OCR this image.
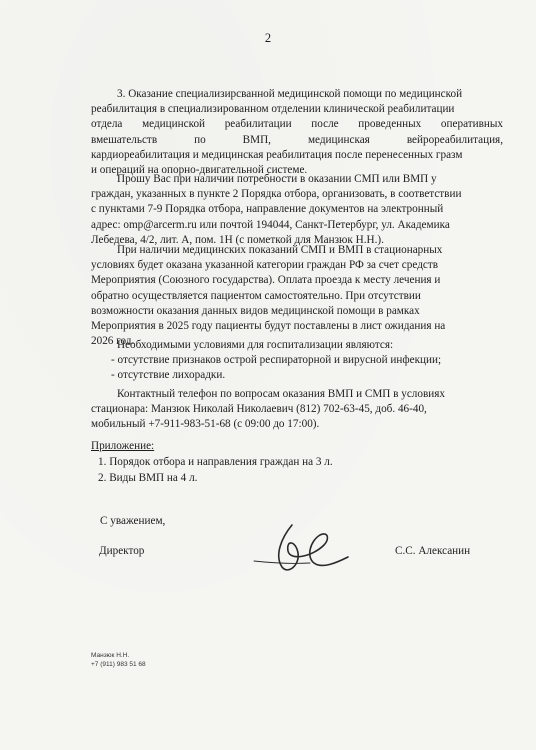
2
3. Оказание специализирсванной медицинской помощи по медицинской
реабилитация в специализированном отделении клинической реабилитации
отдела медицинской реабилитации после проведенных оперативных
вмешательств по ВМП, медицинская вейрореабилитация,
кардиореабилитация и медицинская реабилитация после перенесенных грaзм
и операций на опорно-двигательной системе.
Прошу Вас при наличии потребности в оказании СМП или ВМП у
граждан, указанных в пункте 2 Порядка отбора, организовать, в соответствии
с пунктами 7-9 Порядка отбора, направление документов на электронный
адрес: omp@arcerm.ru или почтой 194044, Санкт-Петербург, ул. Академика
Лебедева, 4/2, лит. А, пом. 1Н (с пометкой для Манзюк Н.Н.).
При наличии медицинских показаний СМП и ВМП в стационарных
условиях будет оказана указанной категории граждан РФ за счет средств
Мероприятия (Союзного государства). Оплата проезда к месту лечения и
обратно осуществляется пациентом самостоятельно. При отсутствии
возможности оказания данных видов медицинской помощи в рамках
Мероприятия в 2025 году пациенты будут поставлены в лист ожидания на
2026 год.
Необходимыми условиями для госпитализации являются:
- отсутствие признаков острой респираторной и вирусной инфекции;
- отсутствие лихорадки.
Контактный телефон по вопросам оказания ВМП и СМП в условиях
стационара: Манзюк Николай Николаевич (812) 702-63-45, доб. 46-40,
мобильный +7-911-983-51-68 (с 09:00 до 17:00).
Приложение:
1. Порядок отбора и направления граждан на 3 л.
2. Виды ВМП на 4 л.
С уважением,
Директор	С.С. Алексанин
Манзюк Н.Н.
+7 (911) 983 51 68
